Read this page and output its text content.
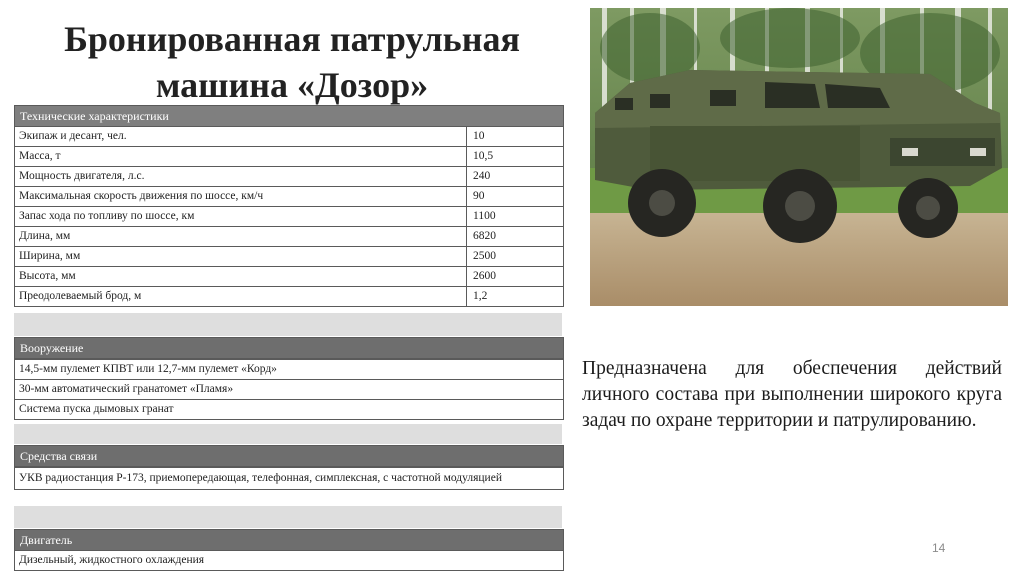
Бронированная патрульная машина «Дозор»
Технические характеристики
Экипаж и десант, чел.	10
Масса, т	10,5
Мощность двигателя, л.с.	240
Максимальная скорость движения по шоссе, км/ч	90
Запас хода по топливу по шоссе, км	1100
Длина, мм	6820
Ширина, мм	2500
Высота, мм	2600
Преодолеваемый брод, м	1,2
Вооружение
14,5-мм пулемет КПВТ или 12,7-мм пулемет «Корд»
30-мм автоматический гранатомет «Пламя»
Система пуска дымовых гранат
Средства связи
УКВ радиостанция Р-173, приемопередающая, телефонная, симплексная, с частотной модуляцией
Двигатель
Дизельный, жидкостного охлаждения
Предназначена для обеспечения действий личного состава при выполнении широкого круга задач по охране территории и патрулированию.
14
